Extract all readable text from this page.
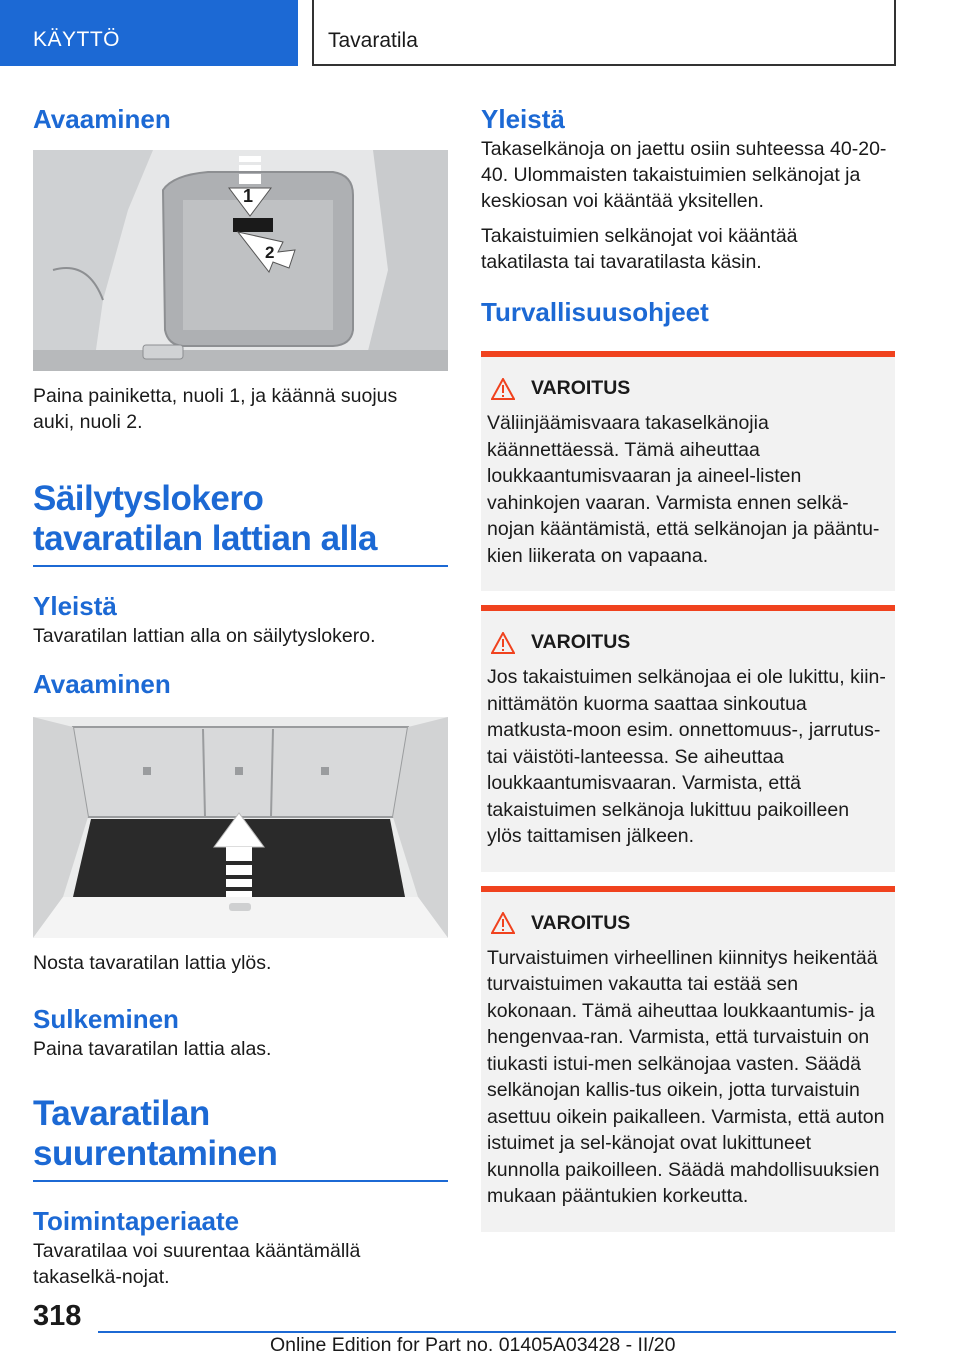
KÄYTTÖ	Tavaratila
Avaaminen
1
2

Paina painiketta, nuoli 1, ja käännä suojus auki, nuoli 2.

Säilytyslokero tavaratilan lattian alla
Yleistä

Tavaratilan lattian alla on säilytyslokero.

Avaaminen

Nosta tavaratilan lattia ylös.

Sulkeminen

Paina tavaratilan lattia alas.

Tavaratilan suurentaminen
Toimintaperiaate

Tavaratilaa voi suurentaa kääntämällä takaselkä-nojat.

Yleistä

Takaselkänoja on jaettu osiin suhteessa 40-20-40. Ulommaisten takaistuimien selkänojat ja keskiosan voi kääntää yksitellen.

Takaistuimien selkänojat voi kääntää takatilasta tai tavaratilasta käsin.

Turvallisuusohjeet
VAROITUS

Väliinjäämisvaara takaselkänojia käännettäessä. Tämä aiheuttaa loukkaantumisvaaran ja aineel-listen vahinkojen vaaran. Varmista ennen selkä-nojan kääntämistä, että selkänojan ja pääntu-kien liikerata on vapaana.

VAROITUS

Jos takaistuimen selkänojaa ei ole lukittu, kiin-nittämätön kuorma saattaa sinkoutua matkusta-moon esim. onnettomuus-, jarrutus- tai väistöti-lanteessa. Se aiheuttaa loukkaantumisvaaran. Varmista, että takaistuimen selkänoja lukittuu paikoilleen ylös taittamisen jälkeen.

VAROITUS

Turvaistuimen virheellinen kiinnitys heikentää turvaistuimen vakautta tai estää sen kokonaan. Tämä aiheuttaa loukkaantumis- ja hengenvaa-ran. Varmista, että turvaistuin on tiukasti istui-men selkänojaa vasten. Säädä selkänojan kallis-tus oikein, jotta turvaistuin asettuu oikein paikalleen. Varmista, että auton istuimet ja sel-känojat ovat lukittuneet kunnolla paikoilleen. Säädä mahdollisuuksien mukaan pääntukien korkeutta.

318
Online Edition for Part no. 01405A03428 - II/20
